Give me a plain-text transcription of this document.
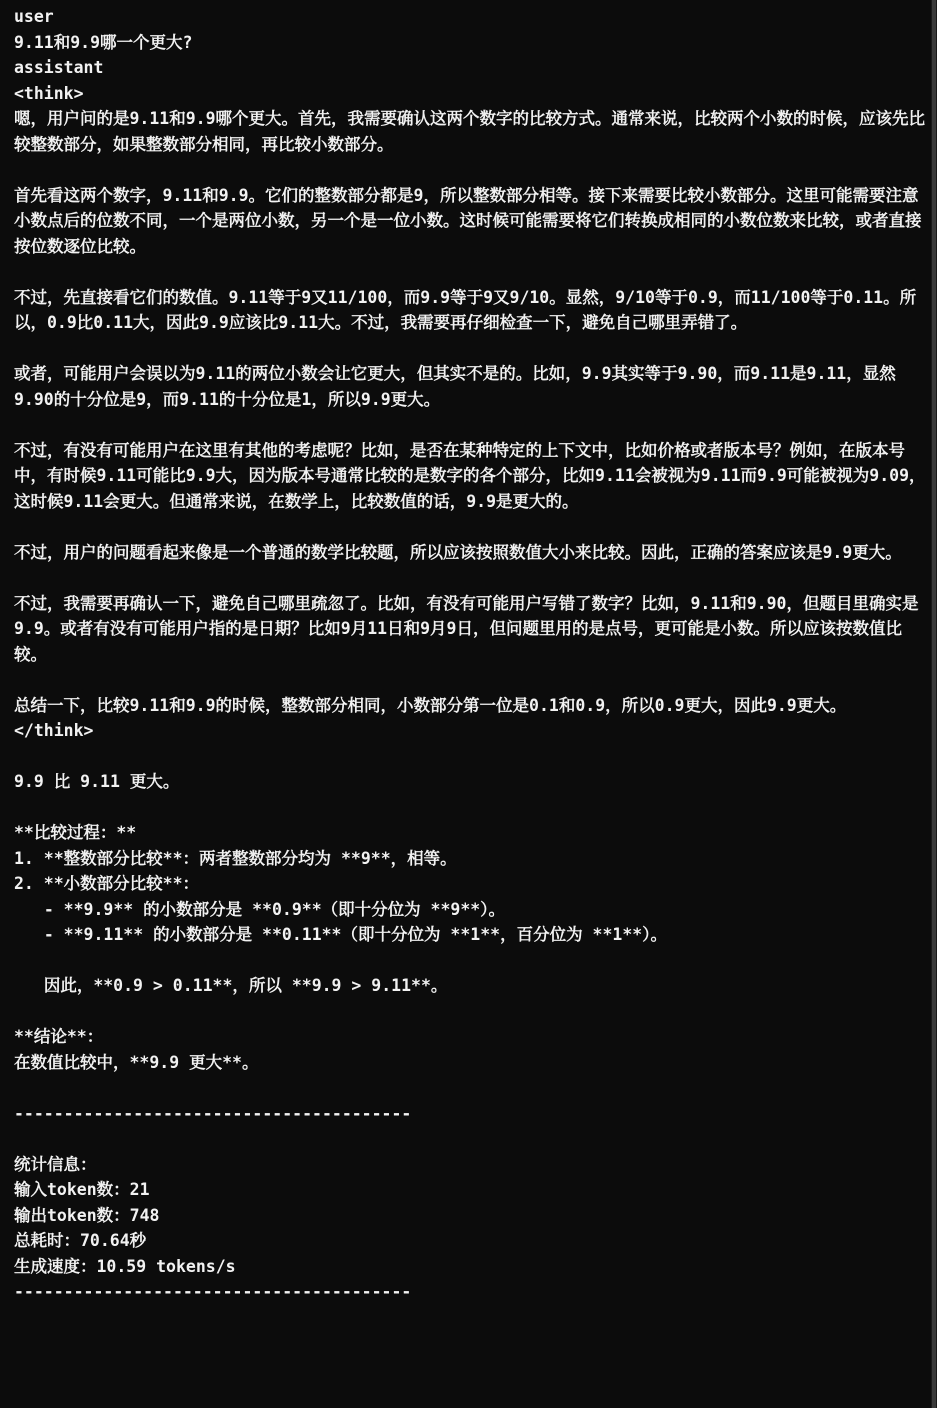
user
9.11和9.9哪一个更大?
assistant
<think>
嗯，用户问的是9.11和9.9哪个更大。首先，我需要确认这两个数字的比较方式。通常来说，比较两个小数的时候，应该先比较整数部分，如果整数部分相同，再比较小数部分。
首先看这两个数字，9.11和9.9。它们的整数部分都是9，所以整数部分相等。接下来需要比较小数部分。这里可能需要注意小数点后的位数不同，一个是两位小数，另一个是一位小数。这时候可能需要将它们转换成相同的小数位数来比较，或者直接按位数逐位比较。
不过，先直接看它们的数值。9.11等于9又11/100，而9.9等于9又9/10。显然，9/10等于0.9，而11/100等于0.11。所以，0.9比0.11大，因此9.9应该比9.11大。不过，我需要再仔细检查一下，避免自己哪里弄错了。
或者，可能用户会误以为9.11的两位小数会让它更大，但其实不是的。比如，9.9其实等于9.90，而9.11是9.11，显然9.90的十分位是9，而9.11的十分位是1，所以9.9更大。
不过，有没有可能用户在这里有其他的考虑呢？比如，是否在某种特定的上下文中，比如价格或者版本号？例如，在版本号中，有时候9.11可能比9.9大，因为版本号通常比较的是数字的各个部分，比如9.11会被视为9.11而9.9可能被视为9.09，这时候9.11会更大。但通常来说，在数学上，比较数值的话，9.9是更大的。
不过，用户的问题看起来像是一个普通的数学比较题，所以应该按照数值大小来比较。因此，正确的答案应该是9.9更大。
不过，我需要再确认一下，避免自己哪里疏忽了。比如，有没有可能用户写错了数字？比如，9.11和9.90，但题目里确实是9.9。或者有没有可能用户指的是日期？比如9月11日和9月9日，但问题里用的是点号，更可能是小数。所以应该按数值比较。
总结一下，比较9.11和9.9的时候，整数部分相同，小数部分第一位是0.1和0.9，所以0.9更大，因此9.9更大。
</think>
9.9 比 9.11 更大。
**比较过程：**
1. **整数部分比较**：两者整数部分均为 **9**，相等。
2. **小数部分比较**：
- **9.9** 的小数部分是 **0.9**（即十分位为 **9**）。
- **9.11** 的小数部分是 **0.11**（即十分位为 **1**，百分位为 **1**）。
因此，**0.9 > 0.11**，所以 **9.9 > 9.11**。
**结论**：
在数值比较中，**9.9 更大**。
----------------------------------------
统计信息：
输入token数：21
输出token数：748
总耗时：70.64秒
生成速度：10.59 tokens/s
----------------------------------------
